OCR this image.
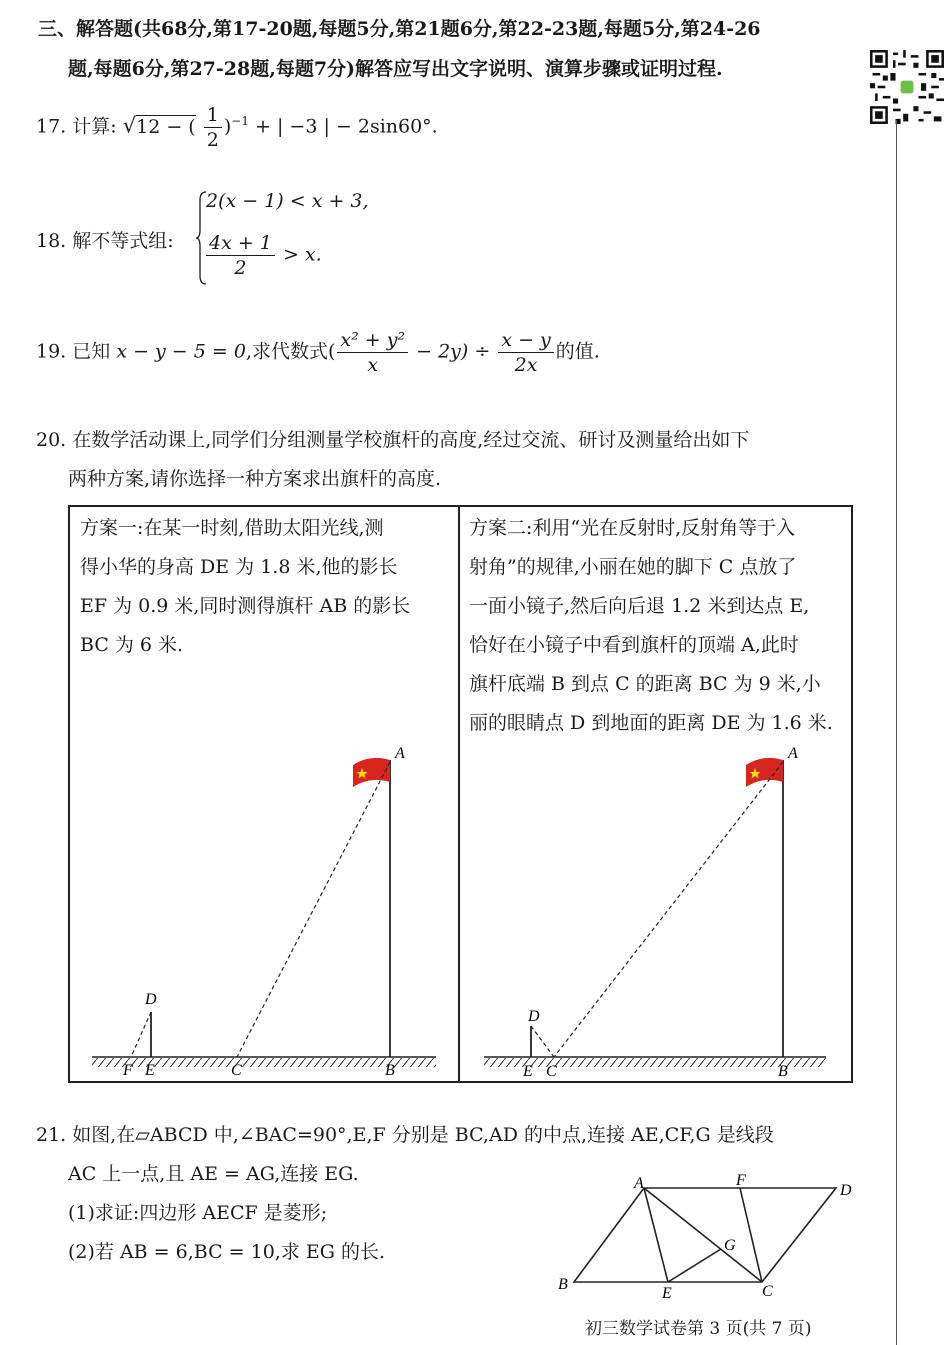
三、解答题(共68分,第17-20题,每题5分,第21题6分,第22-23题,每题5分,第24-26
题,每题6分,第27-28题,每题7分)解答应写出文字说明、演算步骤或证明过程.
17. 计算: √12 − ( $\frac{1}{2} )^{-1}$ + | −3 | − 2sin60°.
18. 解不等式组:
2(x − 1) < x + 3,
$\frac{4x + 1}{2} > x$.
19. 已知 x − y − 5 = 0,求代数式( $\frac{\text{x² + y²}}{x} - 2y) \div \frac{x - y}{2x}$ 的值.
20. 在数学活动课上,同学们分组测量学校旗杆的高度,经过交流、研讨及测量给出如下
两种方案,请你选择一种方案求出旗杆的高度.
方案一:在某一时刻,借助太阳光线,测
得小华的身高 DE 为 1.8 米,他的影长
EF 为 0.9 米,同时测得旗杆 AB 的影长
BC 为 6 米.
方案二:利用“光在反射时,反射角等于入
射角”的规律,小丽在她的脚下 C 点放了
一面小镜子,然后向后退 1.2 米到达点 E,
恰好在小镜子中看到旗杆的顶端 A,此时
旗杆底端 B 到点 C 的距离 BC 为 9 米,小
丽的眼睛点 D 到地面的距离 DE 为 1.6 米.
A
D
F E	C	B
A
D
E C	B
A	F
D
G
B
E	C
21. 如图,在▱ABCD 中,∠BAC=90°,E,F 分别是 BC,AD 的中点,连接 AE,CF,G 是线段
AC 上一点,且 AE = AG,连接 EG.
(1)求证:四边形 AECF 是菱形;
(2)若 AB = 6,BC = 10,求 EG 的长.
初三数学试卷第 3 页(共 7 页)
